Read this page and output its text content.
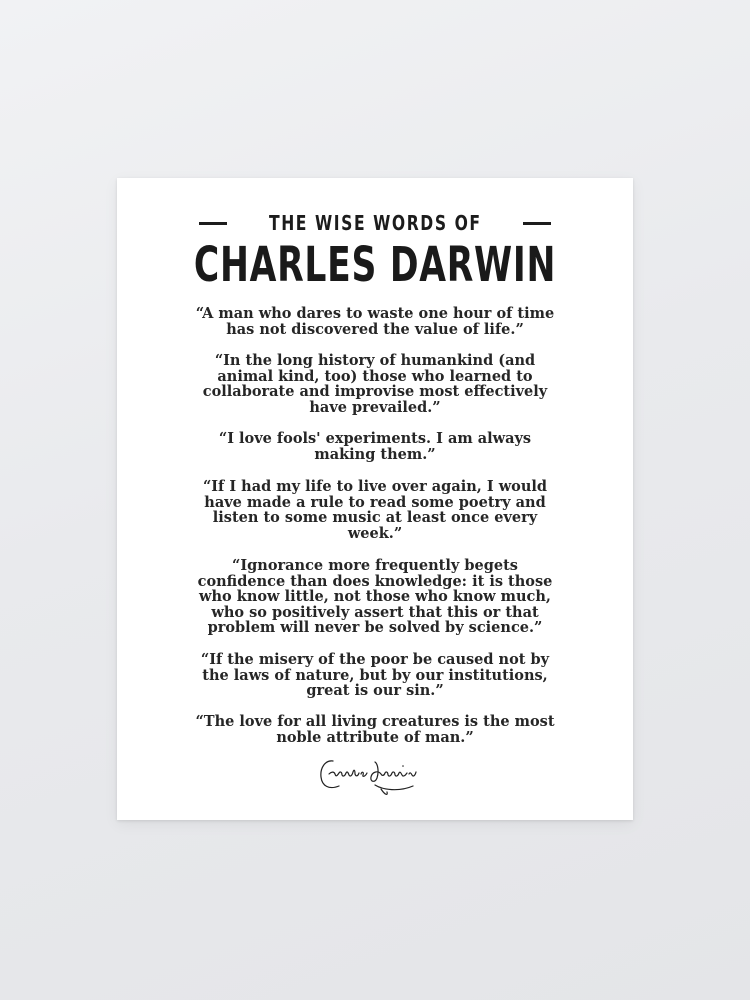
THE WISE WORDS OF
CHARLES DARWIN
“A man who dares to waste one hour of time
has not discovered the value of life.”
“In the long history of humankind (and
animal kind, too) those who learned to
collaborate and improvise most effectively
have prevailed.”
“I love fools' experiments. I am always
making them.”
“If I had my life to live over again, I would
have made a rule to read some poetry and
listen to some music at least once every
week.”
“Ignorance more frequently begets
confidence than does knowledge: it is those
who know little, not those who know much,
who so positively assert that this or that
problem will never be solved by science.”
“If the misery of the poor be caused not by
the laws of nature, but by our institutions,
great is our sin.”
“The love for all living creatures is the most
noble attribute of man.”
